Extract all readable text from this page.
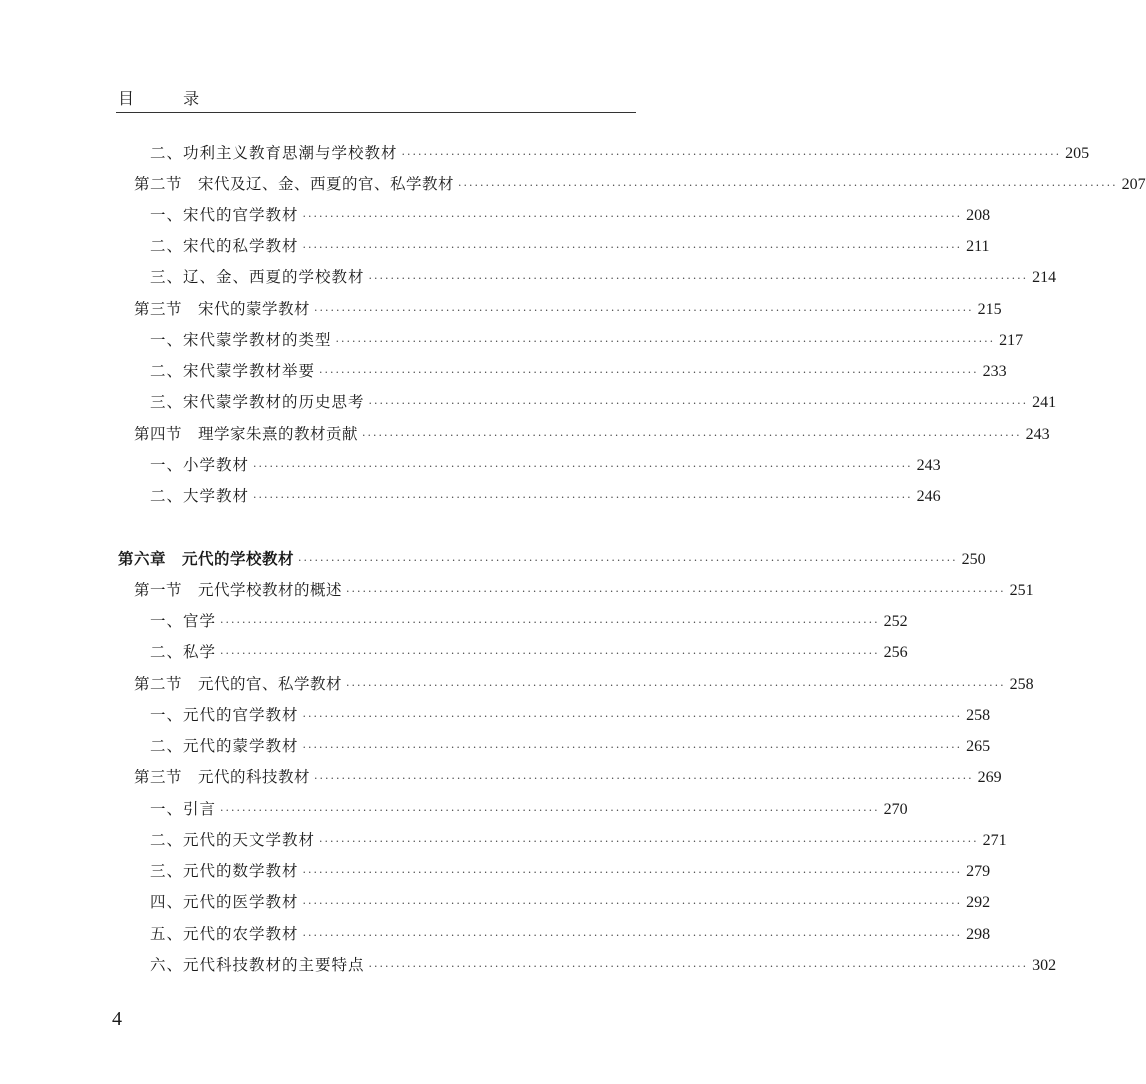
目 录
二、功利主义教育思潮与学校教材 ························································································································ 205
第二节　宋代及辽、金、西夏的官、私学教材 ························································································································ 207
一、宋代的官学教材 ························································································································ 208
二、宋代的私学教材 ························································································································ 211
三、辽、金、西夏的学校教材 ························································································································ 214
第三节　宋代的蒙学教材 ························································································································ 215
一、宋代蒙学教材的类型 ························································································································ 217
二、宋代蒙学教材举要 ························································································································ 233
三、宋代蒙学教材的历史思考 ························································································································ 241
第四节　理学家朱熹的教材贡献 ························································································································ 243
一、小学教材 ························································································································ 243
二、大学教材 ························································································································ 246
第六章　元代的学校教材 ························································································································ 250
第一节　元代学校教材的概述 ························································································································ 251
一、官学 ························································································································ 252
二、私学 ························································································································ 256
第二节　元代的官、私学教材 ························································································································ 258
一、元代的官学教材 ························································································································ 258
二、元代的蒙学教材 ························································································································ 265
第三节　元代的科技教材 ························································································································ 269
一、引言 ························································································································ 270
二、元代的天文学教材 ························································································································ 271
三、元代的数学教材 ························································································································ 279
四、元代的医学教材 ························································································································ 292
五、元代的农学教材 ························································································································ 298
六、元代科技教材的主要特点 ························································································································ 302
4
